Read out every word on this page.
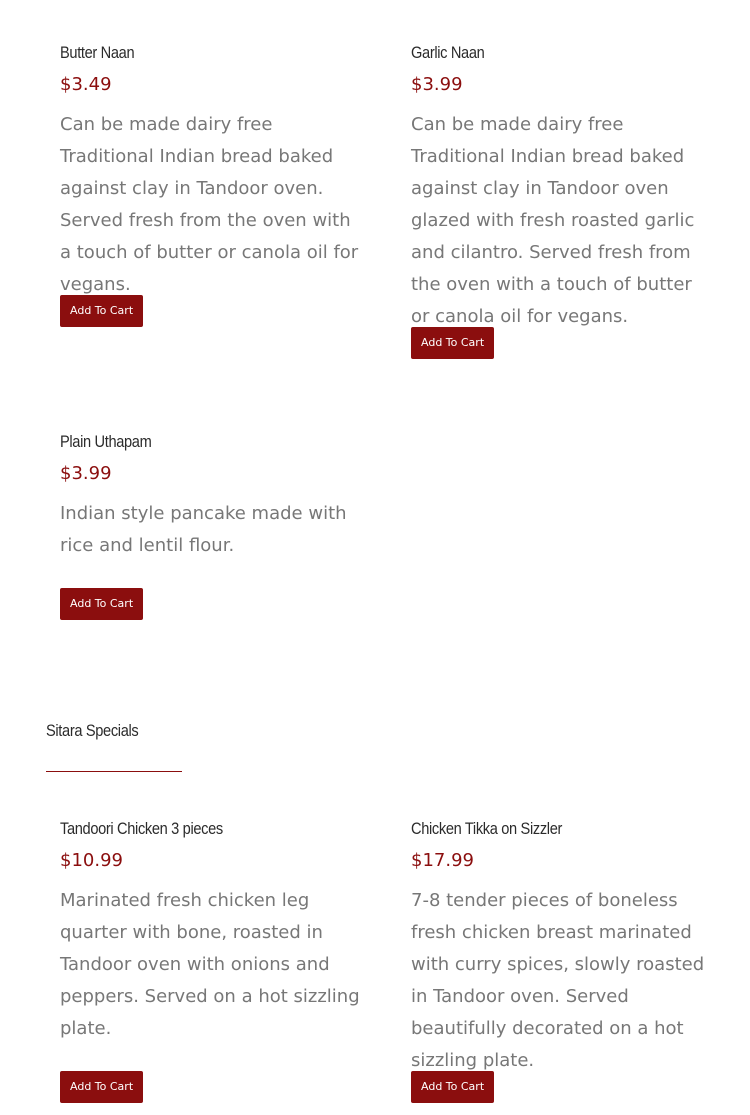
Butter Naan
$3.49
Can be made dairy free Traditional Indian bread baked against clay in Tandoor oven. Served fresh from the oven with a touch of butter or canola oil for vegans.
Add To Cart
Garlic Naan
$3.99
Can be made dairy free Traditional Indian bread baked against clay in Tandoor oven glazed with fresh roasted garlic and cilantro. Served fresh from the oven with a touch of butter or canola oil for vegans.
Add To Cart
Plain Uthapam
$3.99
Indian style pancake made with rice and lentil flour.
Add To Cart
Sitara Specials
Tandoori Chicken 3 pieces
$10.99
Marinated fresh chicken leg quarter with bone, roasted in Tandoor oven with onions and peppers. Served on a hot sizzling plate.
Add To Cart
Chicken Tikka on Sizzler
$17.99
7-8 tender pieces of boneless fresh chicken breast marinated with curry spices, slowly roasted in Tandoor oven. Served beautifully decorated on a hot sizzling plate.
Add To Cart
